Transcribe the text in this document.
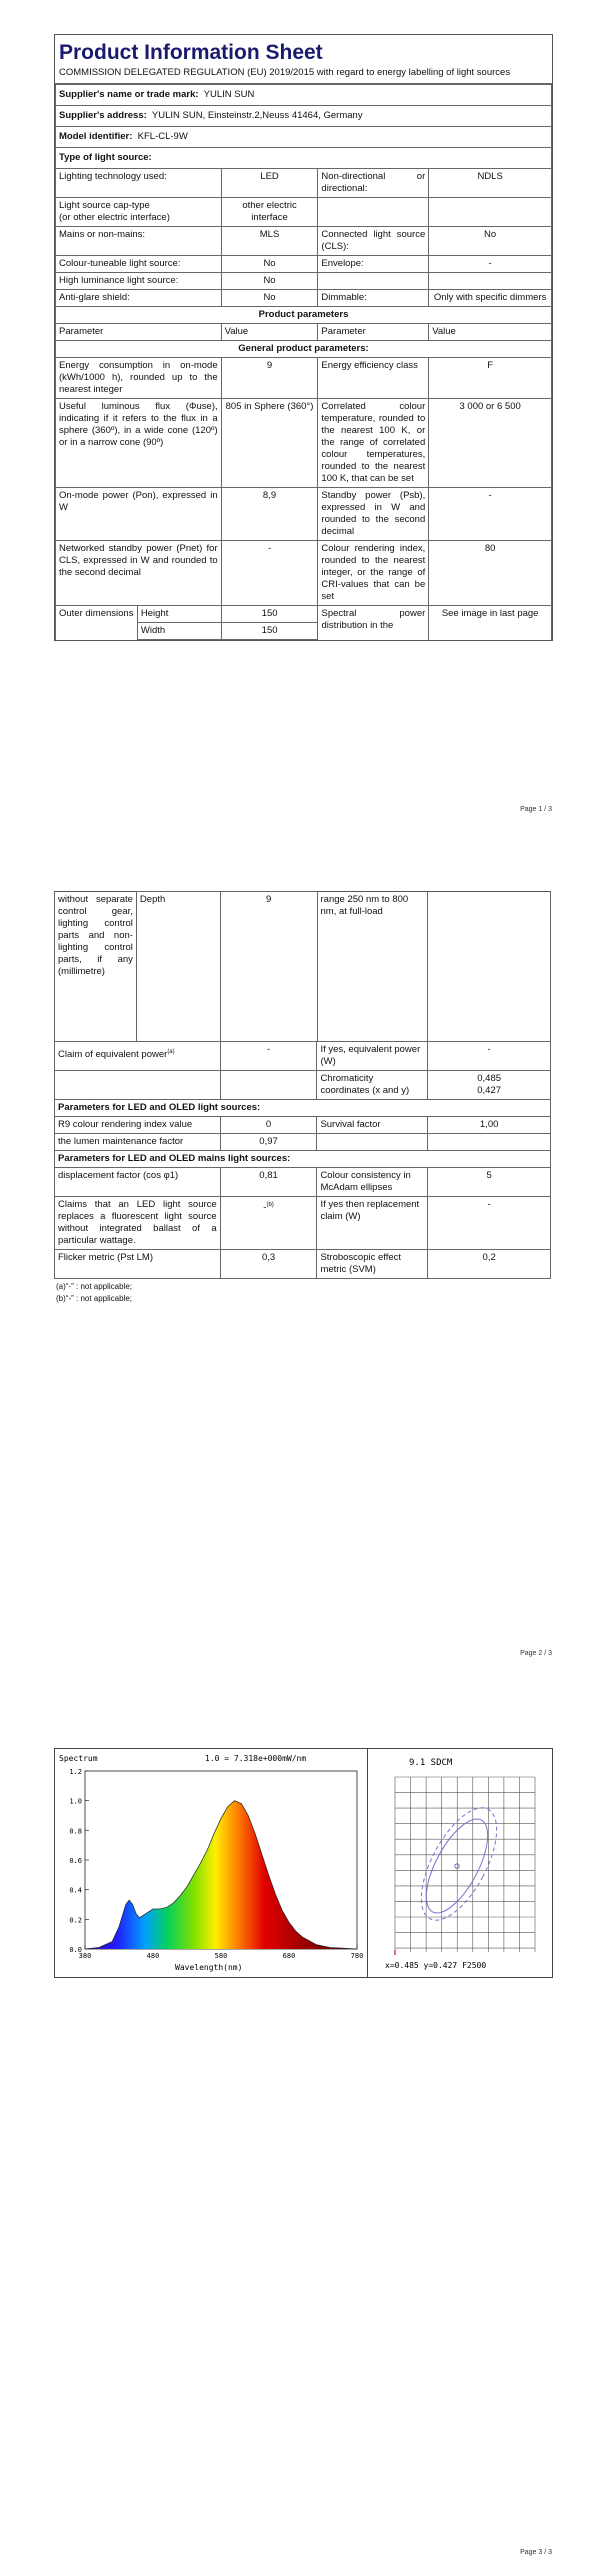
Product Information Sheet
COMMISSION DELEGATED REGULATION (EU) 2019/2015 with regard to energy labelling of light sources
Supplier's name or trade mark: YULIN SUN			
Supplier's address: YULIN SUN, Einsteinstr.2,Neuss 41464, Germany			
Model identifier: KFL-CL-9W			
Type of light source:			
Lighting technology used:	LED	Non-directional or directional:	NDLS
Light source cap-type
(or other electric interface)	other electric interface		
Mains or non-mains:	MLS	Connected light source (CLS):	No
Colour-tuneable light source:	No	Envelope:	-
High luminance light source:	No		
Anti-glare shield:	No	Dimmable:	Only with specific dimmers
Product parameters			
Parameter	Value	Parameter	Value
General product parameters:			
Energy consumption in on-mode (kWh/1000 h), rounded up to the nearest integer	9	Energy efficiency class	F
Useful luminous flux (Φuse), indicating if it refers to the flux in a sphere (360º), in a wide cone (120º) or in a narrow cone (90º)	805 in Sphere (360°)	Correlated colour temperature, rounded to the nearest 100 K, or the range of correlated colour temperatures, rounded to the nearest 100 K, that can be set	3 000 or 6 500
On-mode power (Pon), expressed in W	8,9	Standby power (Psb), expressed in W and rounded to the second decimal	-
Networked standby power (Pnet) for CLS, expressed in W and rounded to the second decimal	-	Colour rendering index, rounded to the nearest integer, or the range of CRI-values that can be set	80
Outer dimensions	Height	150	Spectral power distribution in the	See image in last page
	Width	150		
Page 1 / 3
without separate control gear, lighting control parts and non-lighting control parts, if any (millimetre)	Depth	9	range 250 nm to 800 nm, at full-load	
Claim of equivalent power$^{(a)}$	-	If yes, equivalent power (W)	-
		Chromaticity coordinates (x and y)	0,485
0,427

Parameters for LED and OLED light sources:			
R9 colour rendering index value	0	Survival factor	1,00
the lumen maintenance factor	0,97		
Parameters for LED and OLED mains light sources:			
displacement factor (cos φ1)	0,81	Colour consistency in McAdam ellipses	5
Claims that an LED light source replaces a fluorescent light source without integrated ballast of a particular wattage.	-$^{(b)}$	If yes then replacement claim (W)	-
Flicker metric (Pst LM)	0,3	Stroboscopic effect metric (SVM)	0,2
(a)“-” : not applicable;
(b)“-” : not applicable;
Page 2 / 3
Spectrum	1.0 = 7.318e+000mW/nm
0.0
0.2
0.4
0.6
0.8
1.0
1.2
380	480	580	680	780
Wavelength(nm)
9.1 SDCM
x=0.485 y=0.427 F2500
Page 3 / 3
